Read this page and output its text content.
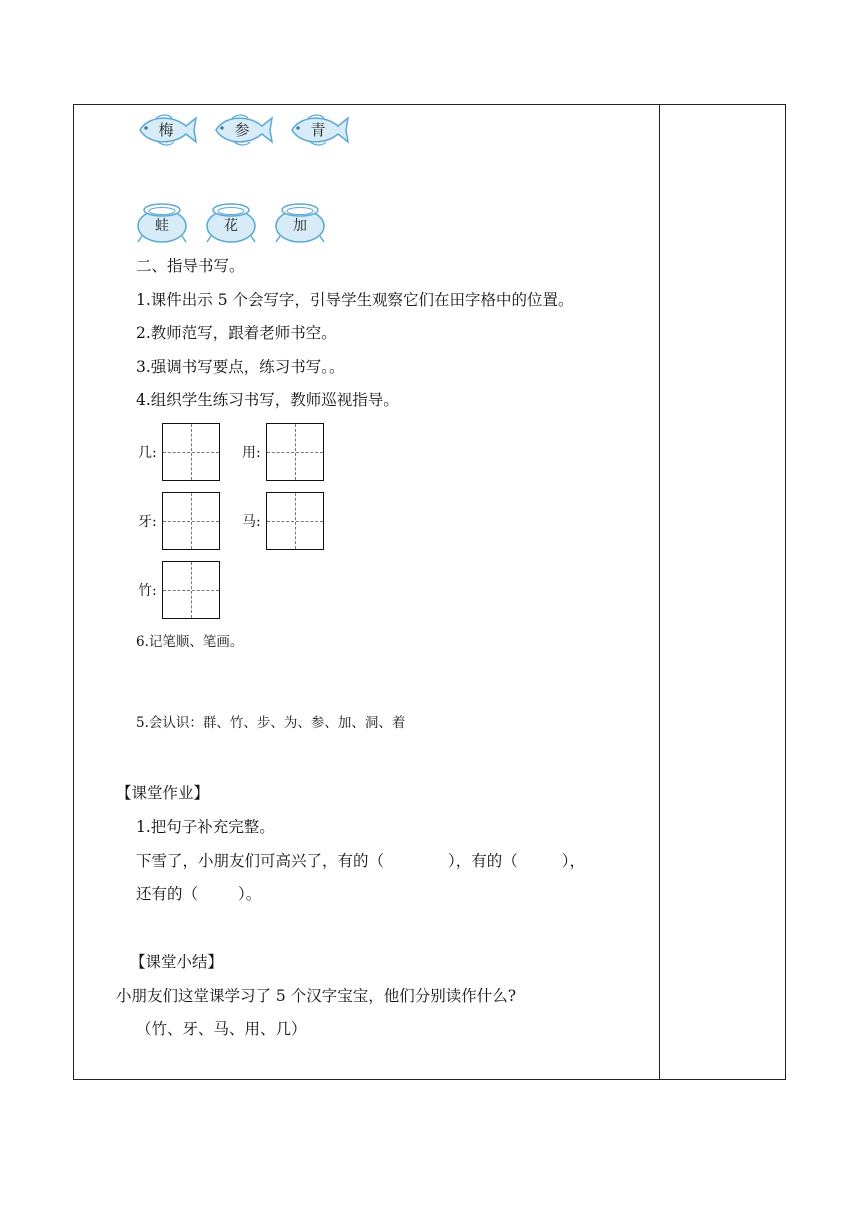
梅	参	青
蛙	花	加
二、指导书写。
1.课件出示 5 个会写字，引导学生观察它们在田字格中的位置。
2.教师范写，跟着老师书空。
3.强调书写要点，练习书写。。
4.组织学生练习书写，教师巡视指导。
几:	用:
牙:	马:
竹:
6.记笔顺、笔画。
5.会认识：群、竹、步、为、参、加、洞、着
【课堂作业】
1.把句子补充完整。
下雪了，小朋友们可高兴了，有的（	），有的（	），
还有的（	）。
【课堂小结】
小朋友们这堂课学习了 5 个汉字宝宝，他们分别读作什么?
（竹、牙、马、用、几）
